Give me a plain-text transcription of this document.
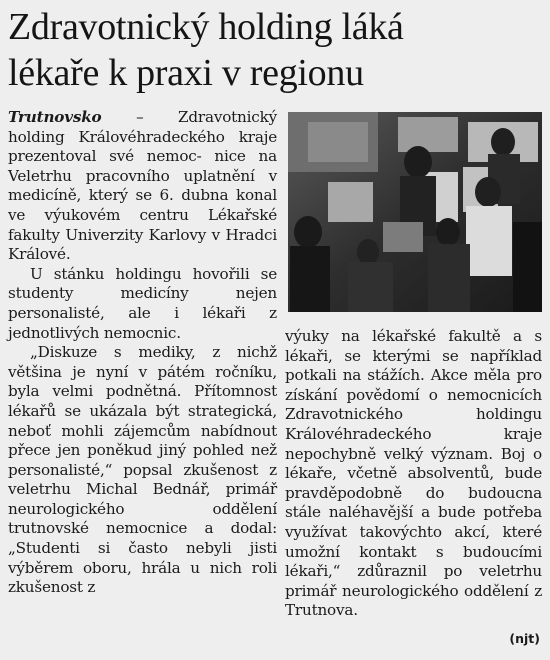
Zdravotnický holding láká
lékaře k praxi v regionu

Trutnovsko – Zdravotnický holding Královéhradeckého kraje prezentoval své nemoc- nice na Veletrhu pracovního uplatnění v medicíně, který se 6. dubna konal ve výukovém centru Lékařské fakulty Univerzity Karlovy v Hradci Králové.

U stánku holdingu hovořili se studenty medicíny nejen personalisté, ale i lékaři z jednotlivých nemocnic.

„Diskuze s mediky, z nichž většina je nyní v pátém ročníku, byla velmi podnětná. Přítomnost lékařů se ukázala být strategická, neboť mohli zájemcům nabídnout přece jen poněkud jiný pohled než personalisté,“ popsal zkušenost z veletrhu Michal Bednář, primář neurologického oddělení trutnovské nemocnice a dodal: „Studenti si často nebyli jisti výběrem oboru, hrála u nich roli zkušenost z

výuky na lékařské fakultě a s lékaři, se kterými se například potkali na stážích. Akce měla pro získání povědomí o nemocnicích Zdravotnického holdingu Královéhradeckého kraje nepochybně velký význam. Boj o lékaře, včetně absolventů, bude pravděpodobně do budoucna stále naléhavější a bude potřeba využívat takovýchto akcí, které umožní kontakt s budoucími lékaři,“ zdůraznil po veletrhu primář neurologického oddělení z Trutnova.

(njt)
